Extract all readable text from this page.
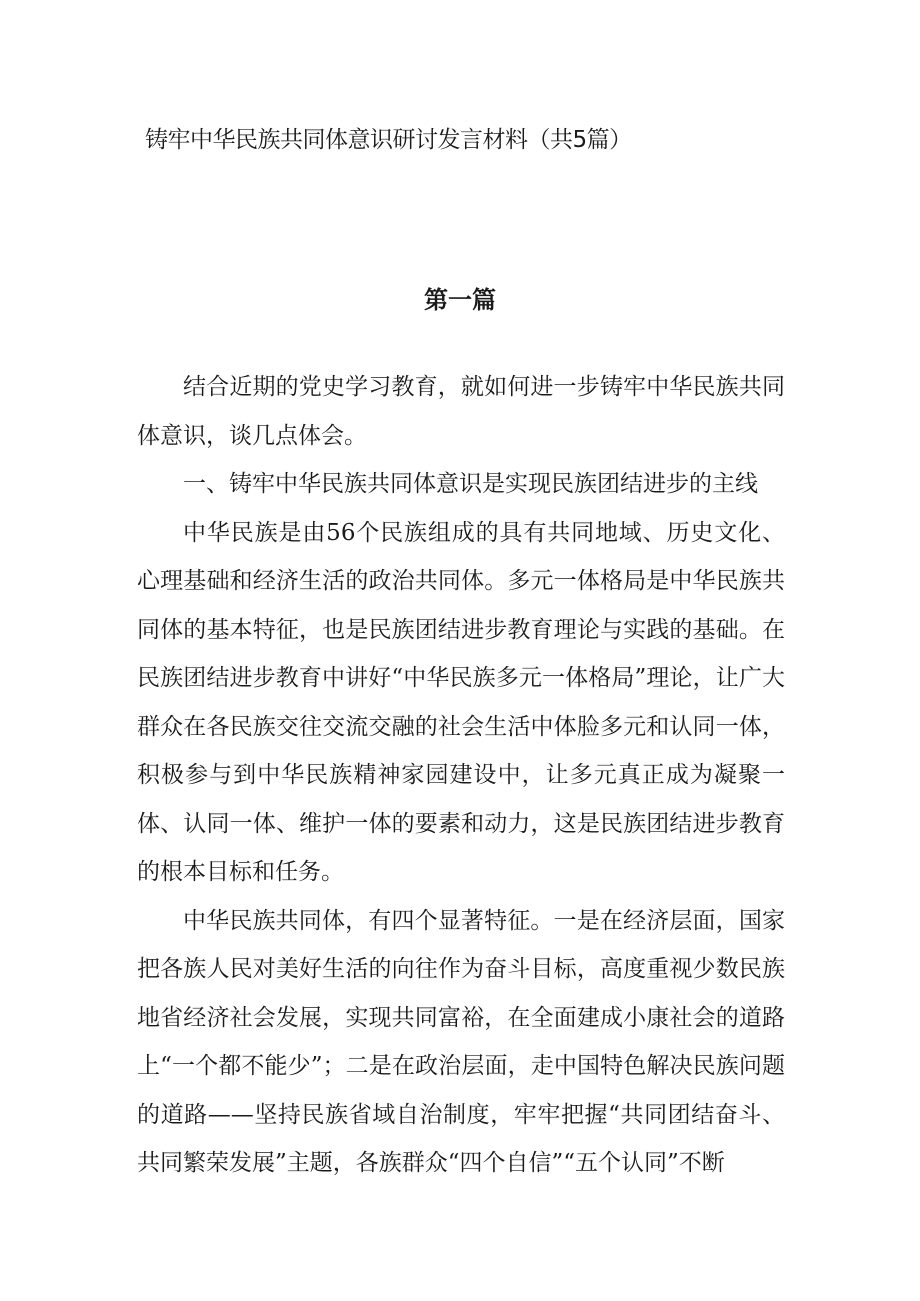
铸牢中华民族共同体意识研讨发言材料（共5篇）
第一篇

结合近期的党史学习教育，就如何进一步铸牢中华民族共同体意识，谈几点体会。

一、铸牢中华民族共同体意识是实现民族团结进步的主线

中华民族是由56个民族组成的具有共同地域、历史文化、心理基础和经济生活的政治共同体。多元一体格局是中华民族共同体的基本特征，也是民族团结进步教育理论与实践的基础。在民族团结进步教育中讲好“中华民族多元一体格局”理论，让广大群众在各民族交往交流交融的社会生活中体脸多元和认同一体，积极参与到中华民族精神家园建设中，让多元真正成为凝聚一体、认同一体、维护一体的要素和动力，这是民族团结进步教育的根本目标和任务。

中华民族共同体，有四个显著特征。一是在经济层面，国家把各族人民对美好生活的向往作为奋斗目标，高度重视少数民族地省经济社会发展，实现共同富裕，在全面建成小康社会的道路上“一个都不能少”；二是在政治层面，走中国特色解决民族问题的道路——坚持民族省域自治制度，牢牢把握“共同团结奋斗、共同繁荣发展”主题，各族群众“四个自信”“五个认同”不断
